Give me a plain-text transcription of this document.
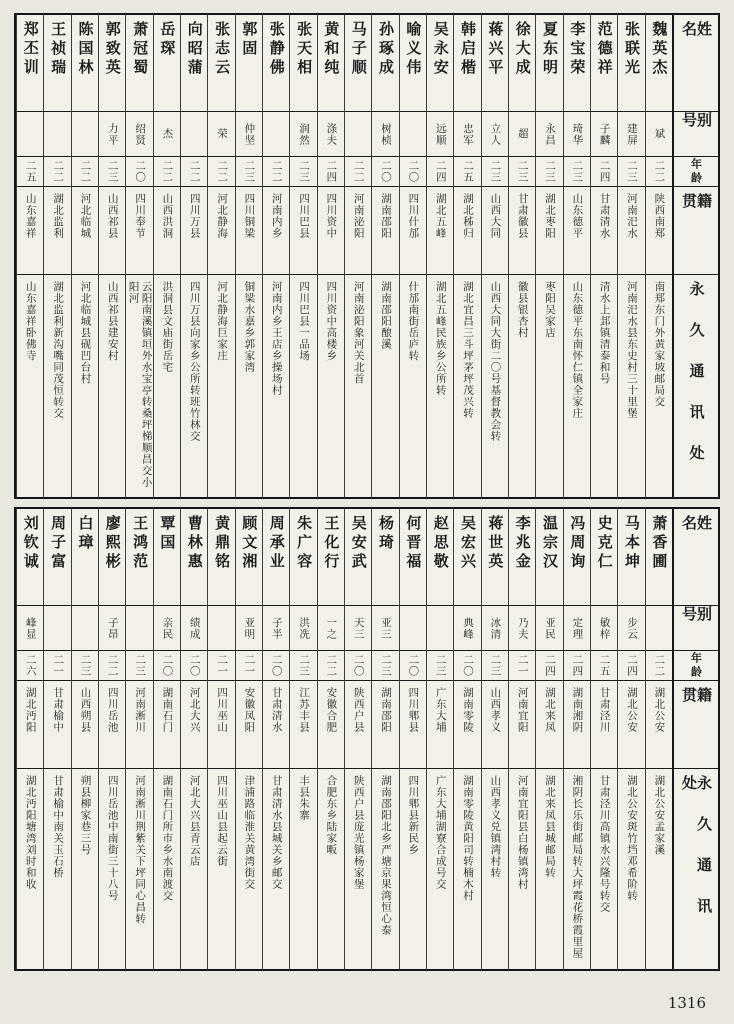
姓名
别号
年龄
籍贯
永久通讯处
魏英杰
斌
二二
陕西南郑
南郑东门外黄家坡邮局交
张联光
建屏
二三
河南汜水
河南汜水县东史村三十里堡
范德祥
子麟
二四
甘肃清水
清水上邽镇清泰和号
李宝荣
琦华
二三
山东德平
山东德平东南怀仁镇全家庄
夏东明
永昌
二三
湖北枣阳
枣阳吴家店
徐大成
超
二三
甘肃徽县
徽县银杏村
蒋兴平
立人
二三
山西大同
山西大同大街二〇号基督教会转
韩启楷
忠军
二五
湖北秭归
湖北宜昌三斗坪茅坪茂兴转
吴永安
远顺
二四
湖北五峰
湖北五峰民族乡公所转
喻义伟
二〇
四川什邡
什邡南街岳庐转
孙琢成
树桢
二〇
湖南邵阳
湖南邵阳酿溪
马子顺
二二
河南泌阳
河南泌阳象河关北首
黄和纯
涤夫
二四
四川资中
四川资中高楼乡
张天相
润然
二三
四川巴县
四川巴县一品场
张静佛
二二
河南内乡
河南内乡王店乡操场村
郭固
仲坚
二三
四川铜梁
铜梁水嘉乡郭家湾
张志云
荣
二二
河北静海
河北静海巨家庄
向昭蒲
二二
四川万县
四川万县向家乡公所转班竹林交
岳琛
杰
二二
山西洪洞
洪洞县文庙街岳宅
萧冠蜀
绍贤
二〇
四川奉节
云阳南溪镇垣外水宝亭转桑坪梯顺昌交小阳河
郭致英
力平
二三
山西祁县
山西祁县建安村
陈国林
二二
河北临城
河北临城县砚凹台村
王祯瑞
二二
湖北监利
湖北监利新沟嘴同茂恒转交
郑丕训
二五
山东嘉祥
山东嘉祥卧佛寺
姓名
别号
年龄
籍贯
永久通讯处
萧香圃
二二
湖北公安
湖北公安孟家溪
马本坤
步云
二四
湖北公安
湖北公安斑竹垱邓希阶转
史克仁
敏梓
二五
甘肃泾川
甘肃泾川高镇水兴隆号转交
冯周询
定理
二四
湖南湘阴
湘阴长乐街邮局转大坪霞花桥霞里屋
温宗汉
亚民
二四
湖北来凤
湖北来凤县城邮局转
李兆金
乃夫
二一
河南宜阳
河南宜阳县白杨镇湾村
蒋世英
冰清
二三
山西孝义
山西孝义兑镇湾村转
吴宏兴
典峰
二〇
湖南零陵
湖南零陵黄阳司转楠木村
赵思敬
二三
广东大埔
广东大埔湖寮合成号交
何晋福
二〇
四川郫县
四川郫县新民乡
杨琦
亚三
二三
湖南邵阳
湖南邵阳北乡严塘京果湾恒心泰
吴安武
天三
二〇
陕西户县
陕西户县庞光镇杨家堡
王化行
一之
二二
安徽合肥
合肥东乡陆家畈
朱广容
洪冼
二三
江苏丰县
丰县朱寨
周承业
子半
二〇
甘肃清水
甘肃清水县城关乡邮交
顾文湘
亚明
二一
安徽凤阳
津浦路临淮关黄湾街交
黄鼎铭
二一
四川巫山
四川巫山县起云街
曹林惠
绩成
二〇
河北大兴
河北大兴县青云店
覃国
亲民
二〇
湖南石门
湖南石门所市乡水南渡交
王鸿范
二三
河南淅川
河南淅川荆紫关下坪同心昌转
廖熙彬
子昂
二二
四川岳池
四川岳池中南街三十八号
白璋
二三
山西朔县
朔县柳家巷三号
周子富
二一
甘肃榆中
甘肃榆中南关玉石桥
刘钦诚
峰显
二六
湖北沔阳
湖北沔阳塘湾刘时和收
1316
